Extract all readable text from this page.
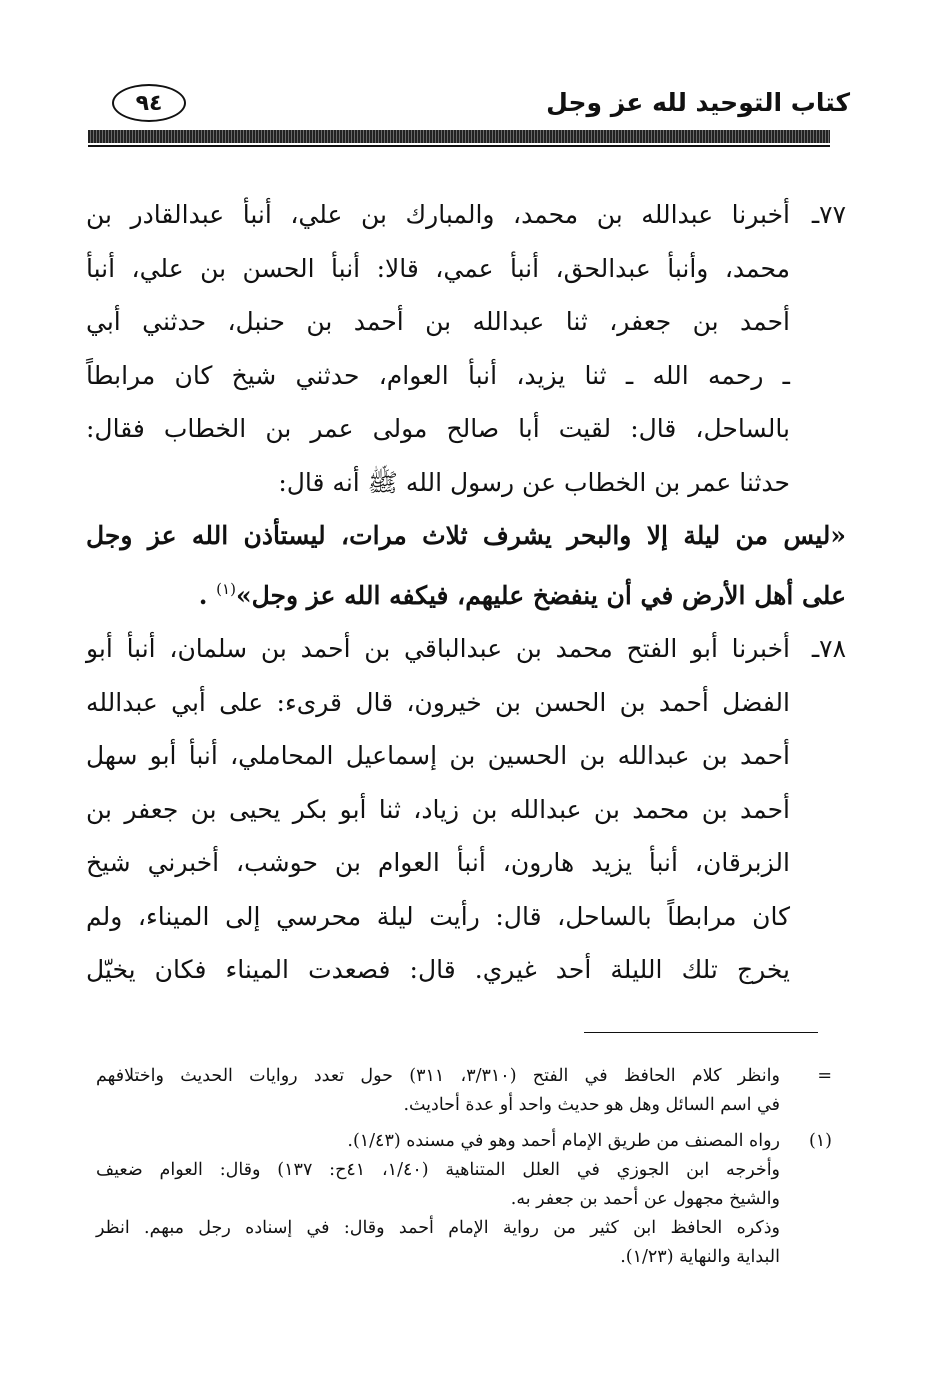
كتاب التوحيد لله عز وجل
٩٤
٧٧ـ
أخبرنا عبدالله بن محمد، والمبارك بن علي، أنبأ عبدالقادر بن
محمد، وأنبأ عبدالحق، أنبأ عمي، قالا: أنبأ الحسن بن علي، أنبأ
أحمد بن جعفر، ثنا عبدالله بن أحمد بن حنبل، حدثني أبي
ـ رحمه الله ـ ثنا يزيد، أنبأ العوام، حدثني شيخ كان مرابطاً
بالساحل، قال: لقيت أبا صالح مولى عمر بن الخطاب فقال:
حدثنا عمر بن الخطاب عن رسول الله ﷺ أنه قال:
«ليس من ليلة إلا والبحر يشرف ثلاث مرات، ليستأذن الله عز وجل
على أهل الأرض في أن ينفضخ عليهم، فيكفه الله عز وجل»$^{(١)}$ .
٧٨ـ
أخبرنا أبو الفتح محمد بن عبدالباقي بن أحمد بن سلمان، أنبأ أبو
الفضل أحمد بن الحسن بن خيرون، قال قرىء: على أبي عبدالله
أحمد بن عبدالله بن الحسين بن إسماعيل المحاملي، أنبأ أبو سهل
أحمد بن محمد بن عبدالله بن زياد، ثنا أبو بكر يحيى بن جعفر بن
الزبرقان، أنبأ يزيد هارون، أنبأ العوام بن حوشب، أخبرني شيخ
كان مرابطاً بالساحل، قال: رأيت ليلة محرسي إلى الميناء، ولم
يخرج تلك الليلة أحد غيري. قال: فصعدت الميناء فكان يخيّل
=
وانظر كلام الحافظ في الفتح (٣/٣١٠، ٣١١) حول تعدد روايات الحديث واختلافهم
في اسم السائل وهل هو حديث واحد أو عدة أحاديث.
(١)
رواه المصنف من طريق الإمام أحمد وهو في مسنده (١/٤٣).
وأخرجه ابن الجوزي في العلل المتناهية (١/٤٠، ٤١ح: ١٣٧) وقال: العوام ضعيف
والشيخ مجهول عن أحمد بن جعفر به.
وذكره الحافظ ابن كثير من رواية الإمام أحمد وقال: في إسناده رجل مبهم. انظر
البداية والنهاية (١/٢٣).
